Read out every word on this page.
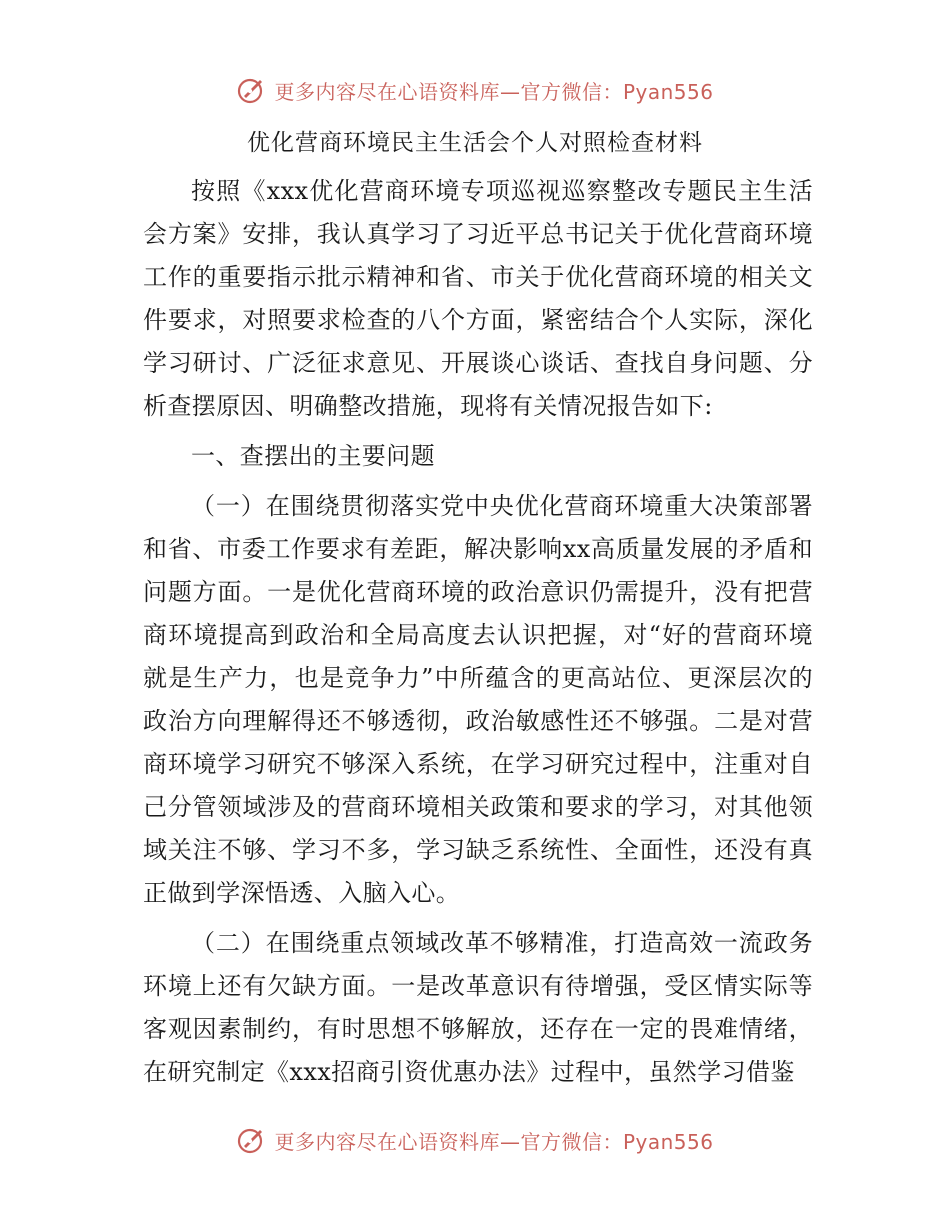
更多内容尽在心语资料库—官方微信：Pyan556
优化营商环境民主生活会个人对照检查材料

按照《xxx优化营商环境专项巡视巡察整改专题民主生活会方案》安排，我认真学习了习近平总书记关于优化营商环境工作的重要指示批示精神和省、市关于优化营商环境的相关文件要求，对照要求检查的八个方面，紧密结合个人实际，深化学习研讨、广泛征求意见、开展谈心谈话、查找自身问题、分析查摆原因、明确整改措施，现将有关情况报告如下:

一、查摆出的主要问题

（一）在围绕贯彻落实党中央优化营商环境重大决策部署和省、市委工作要求有差距，解决影响xx高质量发展的矛盾和问题方面。一是优化营商环境的政治意识仍需提升，没有把营商环境提高到政治和全局高度去认识把握，对“好的营商环境就是生产力，也是竞争力”中所蕴含的更高站位、更深层次的政治方向理解得还不够透彻，政治敏感性还不够强。二是对营商环境学习研究不够深入系统，在学习研究过程中，注重对自己分管领域涉及的营商环境相关政策和要求的学习，对其他领域关注不够、学习不多，学习缺乏系统性、全面性，还没有真正做到学深悟透、入脑入心。

（二）在围绕重点领域改革不够精准，打造高效一流政务环境上还有欠缺方面。一是改革意识有待增强，受区情实际等客观因素制约，有时思想不够解放，还存在一定的畏难情绪，在研究制定《xxx招商引资优惠办法》过程中，虽然学习借鉴

更多内容尽在心语资料库—官方微信：Pyan556
